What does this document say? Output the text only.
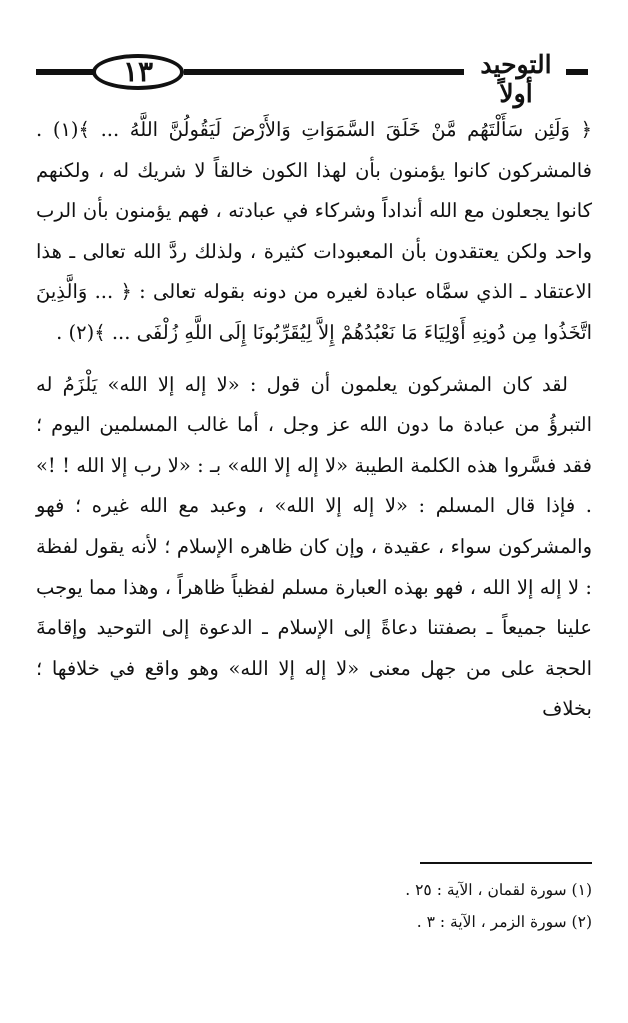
١٣	التوحيد أولاً

﴿ وَلَئِن سَأَلْتَهُم مَّنْ خَلَقَ السَّمَوَاتِ وَالأَرْضَ لَيَقُولُنَّ اللَّهُ ... ﴾(١) . فالمشركون كانوا يؤمنون بأن لهذا الكون خالقاً لا شريك له ، ولكنهم كانوا يجعلون مع الله أنداداً وشركاء في عبادته ، فهم يؤمنون بأن الرب واحد ولكن يعتقدون بأن المعبودات كثيرة ، ولذلك ردَّ الله تعالى ـ هذا الاعتقاد ـ الذي سمَّاه عبادة لغيره من دونه بقوله تعالى : ﴿ ... وَالَّذِينَ اتَّخَذُوا مِن دُونِهِ أَوْلِيَاءَ مَا نَعْبُدُهُمْ إِلاَّ لِيُقَرِّبُونَا إِلَى اللَّهِ زُلْفَى ... ﴾(٢) .

لقد كان المشركون يعلمون أن قول : «لا إله إلا الله» يَلْزَمُ له التبرؤُ من عبادة ما دون الله عز وجل ، أما غالب المسلمين اليوم ؛ فقد فسَّروا هذه الكلمة الطيبة «لا إله إلا الله» بـ : «لا رب إلا الله ! !» . فإذا قال المسلم : «لا إله إلا الله» ، وعبد مع الله غيره ؛ فهو والمشركون سواء ، عقيدة ، وإن كان ظاهره الإسلام ؛ لأنه يقول لفظة : لا إله إلا الله ، فهو بهذه العبارة مسلم لفظياً ظاهراً ، وهذا مما يوجب علينا جميعاً ـ بصفتنا دعاةً إلى الإسلام ـ الدعوة إلى التوحيد وإقامةَ الحجة على من جهل معنى «لا إله إلا الله» وهو واقع في خلافها ؛ بخلاف

(١) سورة لقمان ، الآية : ٢٥ .

(٢) سورة الزمر ، الآية : ٣ .
